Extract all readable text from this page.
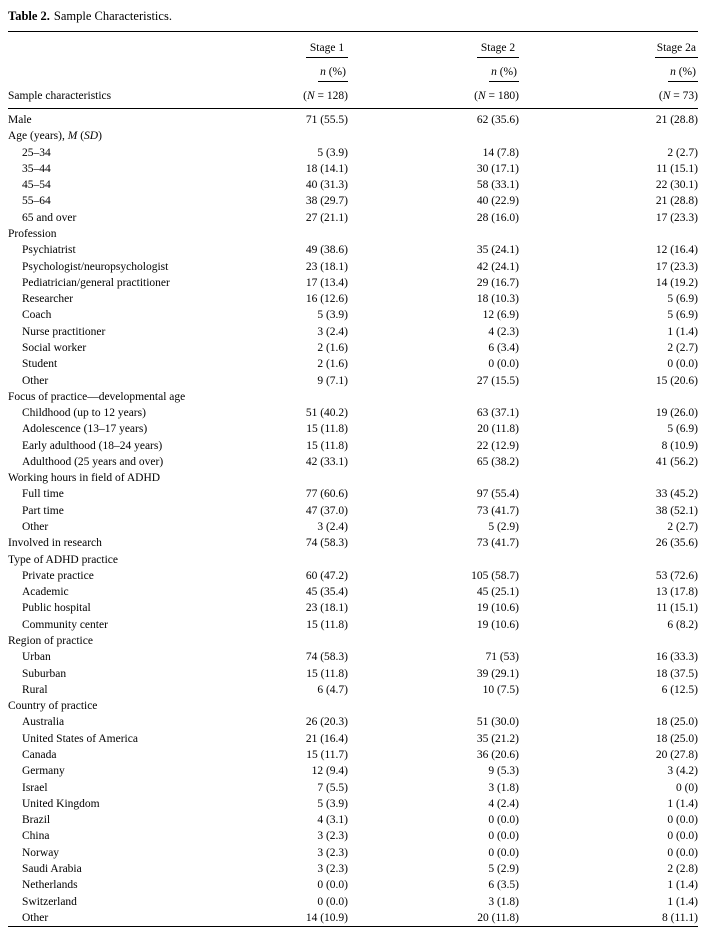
Table 2. Sample Characteristics.
	Stage 1	Stage 2	Stage 2a
	n (%)	n (%)	n (%)
Sample characteristics	(N = 128)	(N = 180)	(N = 73)
Male	71 (55.5)	62 (35.6)	21 (28.8)
Age (years), M (SD)			
25–34	5 (3.9)	14 (7.8)	2 (2.7)
35–44	18 (14.1)	30 (17.1)	11 (15.1)
45–54	40 (31.3)	58 (33.1)	22 (30.1)
55–64	38 (29.7)	40 (22.9)	21 (28.8)
65 and over	27 (21.1)	28 (16.0)	17 (23.3)
Profession			
Psychiatrist	49 (38.6)	35 (24.1)	12 (16.4)
Psychologist/neuropsychologist	23 (18.1)	42 (24.1)	17 (23.3)
Pediatrician/general practitioner	17 (13.4)	29 (16.7)	14 (19.2)
Researcher	16 (12.6)	18 (10.3)	5 (6.9)
Coach	5 (3.9)	12 (6.9)	5 (6.9)
Nurse practitioner	3 (2.4)	4 (2.3)	1 (1.4)
Social worker	2 (1.6)	6 (3.4)	2 (2.7)
Student	2 (1.6)	0 (0.0)	0 (0.0)
Other	9 (7.1)	27 (15.5)	15 (20.6)
Focus of practice—developmental age			
Childhood (up to 12 years)	51 (40.2)	63 (37.1)	19 (26.0)
Adolescence (13–17 years)	15 (11.8)	20 (11.8)	5 (6.9)
Early adulthood (18–24 years)	15 (11.8)	22 (12.9)	8 (10.9)
Adulthood (25 years and over)	42 (33.1)	65 (38.2)	41 (56.2)
Working hours in field of ADHD			
Full time	77 (60.6)	97 (55.4)	33 (45.2)
Part time	47 (37.0)	73 (41.7)	38 (52.1)
Other	3 (2.4)	5 (2.9)	2 (2.7)
Involved in research	74 (58.3)	73 (41.7)	26 (35.6)
Type of ADHD practice			
Private practice	60 (47.2)	105 (58.7)	53 (72.6)
Academic	45 (35.4)	45 (25.1)	13 (17.8)
Public hospital	23 (18.1)	19 (10.6)	11 (15.1)
Community center	15 (11.8)	19 (10.6)	6 (8.2)
Region of practice			
Urban	74 (58.3)	71 (53)	16 (33.3)
Suburban	15 (11.8)	39 (29.1)	18 (37.5)
Rural	6 (4.7)	10 (7.5)	6 (12.5)
Country of practice			
Australia	26 (20.3)	51 (30.0)	18 (25.0)
United States of America	21 (16.4)	35 (21.2)	18 (25.0)
Canada	15 (11.7)	36 (20.6)	20 (27.8)
Germany	12 (9.4)	9 (5.3)	3 (4.2)
Israel	7 (5.5)	3 (1.8)	0 (0)
United Kingdom	5 (3.9)	4 (2.4)	1 (1.4)
Brazil	4 (3.1)	0 (0.0)	0 (0.0)
China	3 (2.3)	0 (0.0)	0 (0.0)
Norway	3 (2.3)	0 (0.0)	0 (0.0)
Saudi Arabia	3 (2.3)	5 (2.9)	2 (2.8)
Netherlands	0 (0.0)	6 (3.5)	1 (1.4)
Switzerland	0 (0.0)	3 (1.8)	1 (1.4)
Other	14 (10.9)	20 (11.8)	8 (11.1)
